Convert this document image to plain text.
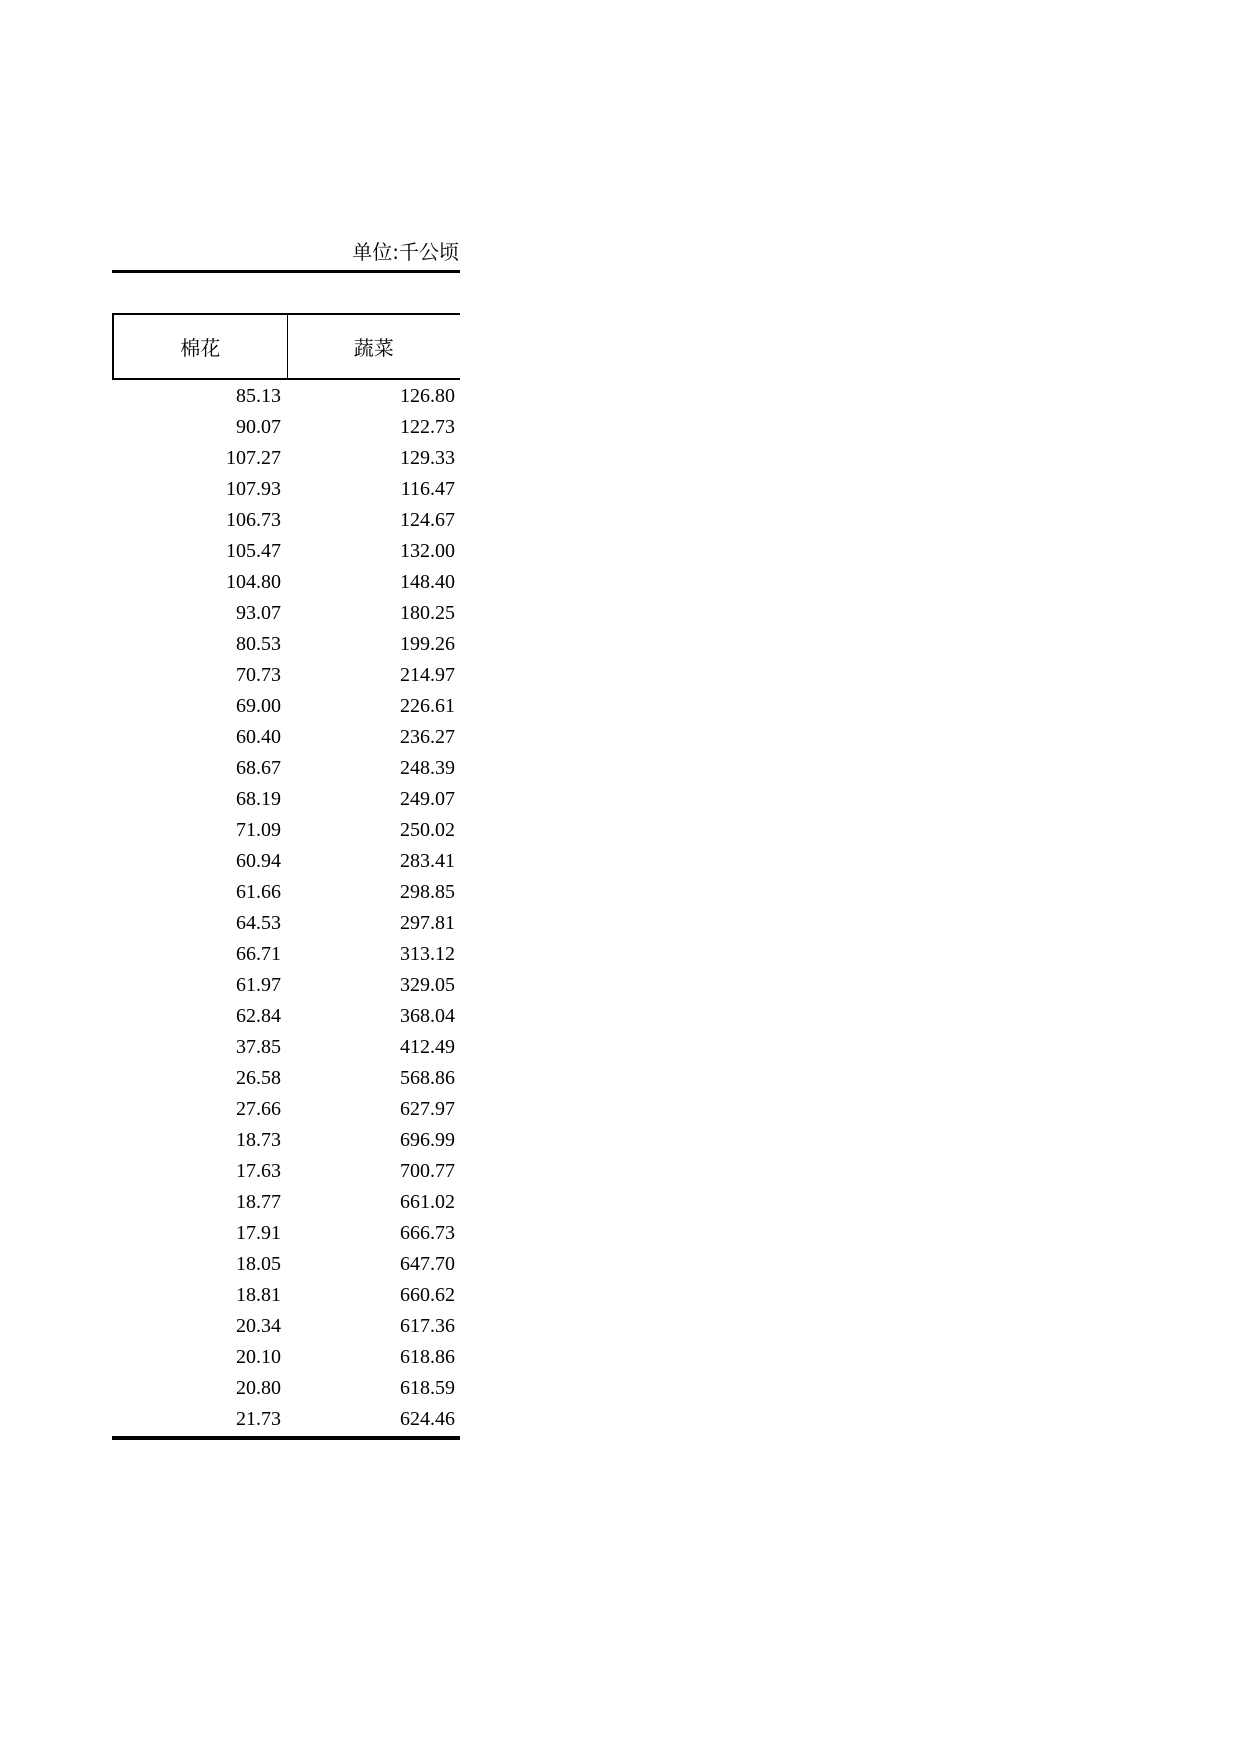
单位:千公顷
棉花	蔬菜
85.13	126.80
90.07	122.73
107.27	129.33
107.93	116.47
106.73	124.67
105.47	132.00
104.80	148.40
93.07	180.25
80.53	199.26
70.73	214.97
69.00	226.61
60.40	236.27
68.67	248.39
68.19	249.07
71.09	250.02
60.94	283.41
61.66	298.85
64.53	297.81
66.71	313.12
61.97	329.05
62.84	368.04
37.85	412.49
26.58	568.86
27.66	627.97
18.73	696.99
17.63	700.77
18.77	661.02
17.91	666.73
18.05	647.70
18.81	660.62
20.34	617.36
20.10	618.86
20.80	618.59
21.73	624.46
